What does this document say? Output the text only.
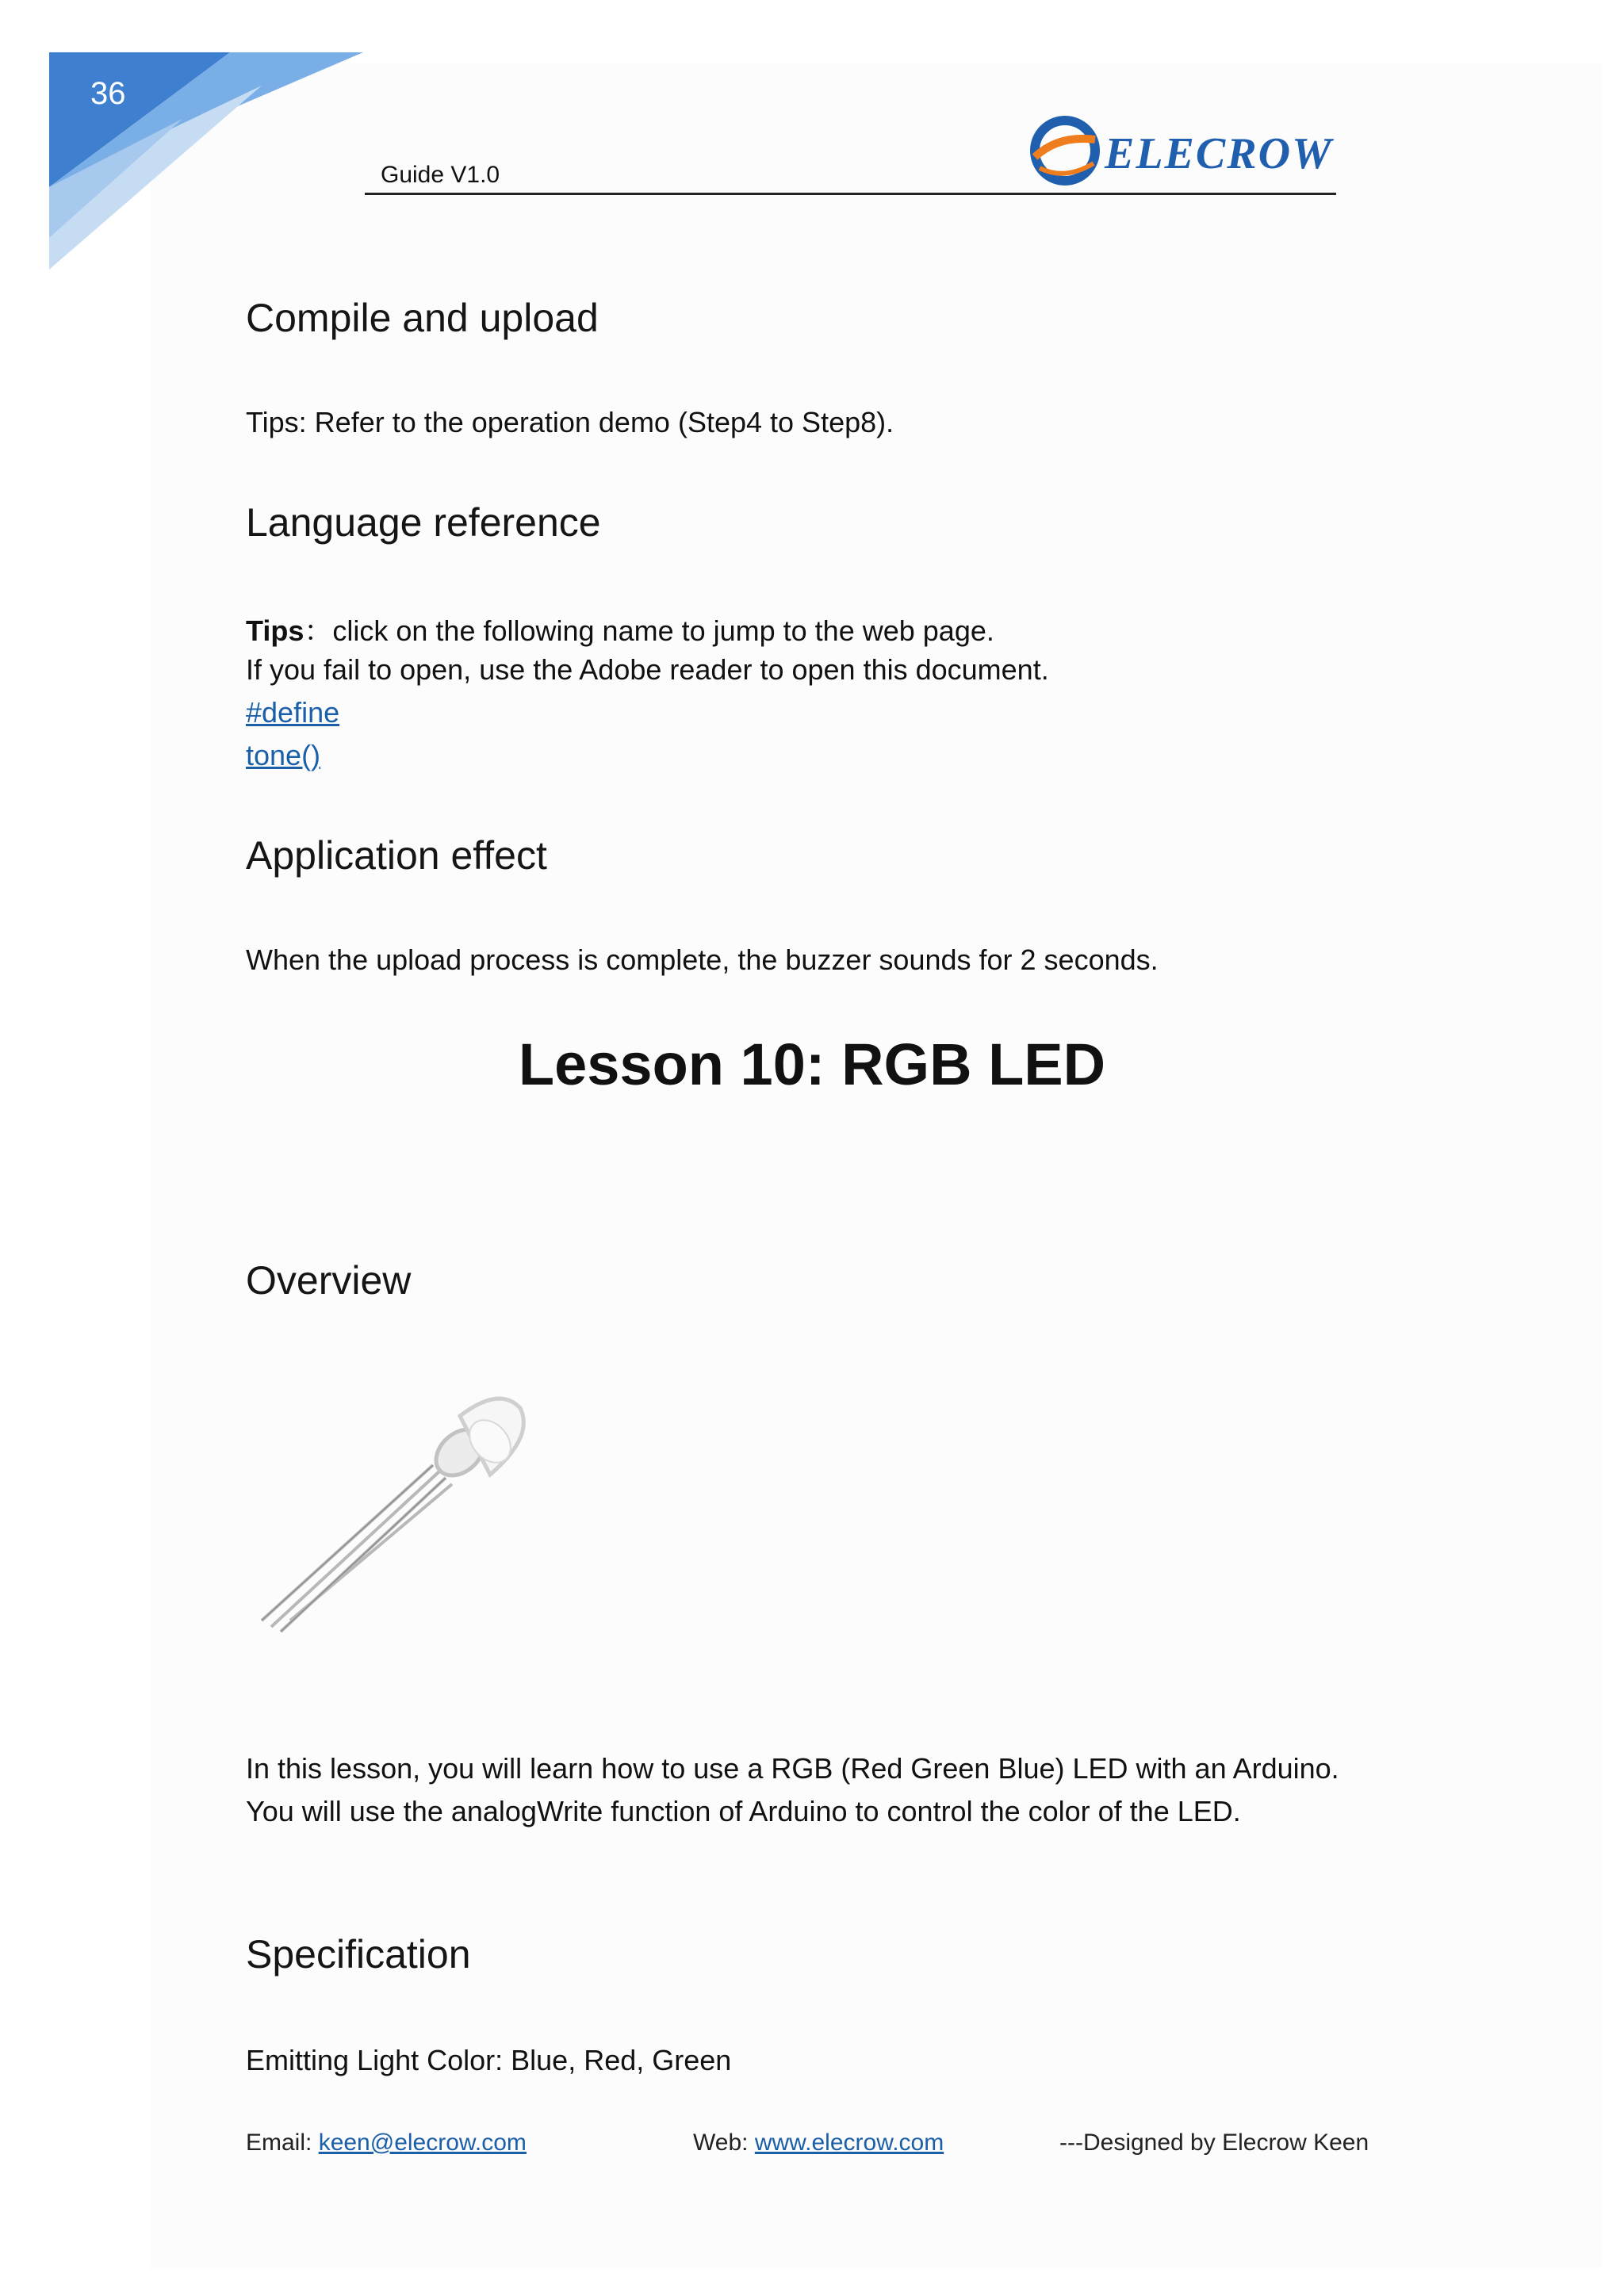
36
Guide V1.0	ELECROW
Compile and upload
Tips: Refer to the operation demo (Step4 to Step8).
Language reference
Tips：click on the following name to jump to the web page.
If you fail to open, use the Adobe reader to open this document.
#define
tone()
Application effect
When the upload process is complete, the buzzer sounds for 2 seconds.
Lesson 10: RGB LED
Overview
In this lesson, you will learn how to use a RGB (Red Green Blue) LED with an Arduino.
You will use the analogWrite function of Arduino to control the color of the LED.
Specification
Emitting Light Color: Blue, Red, Green
Email: keen@elecrow.com	Web: www.elecrow.com	---Designed by Elecrow Keen
